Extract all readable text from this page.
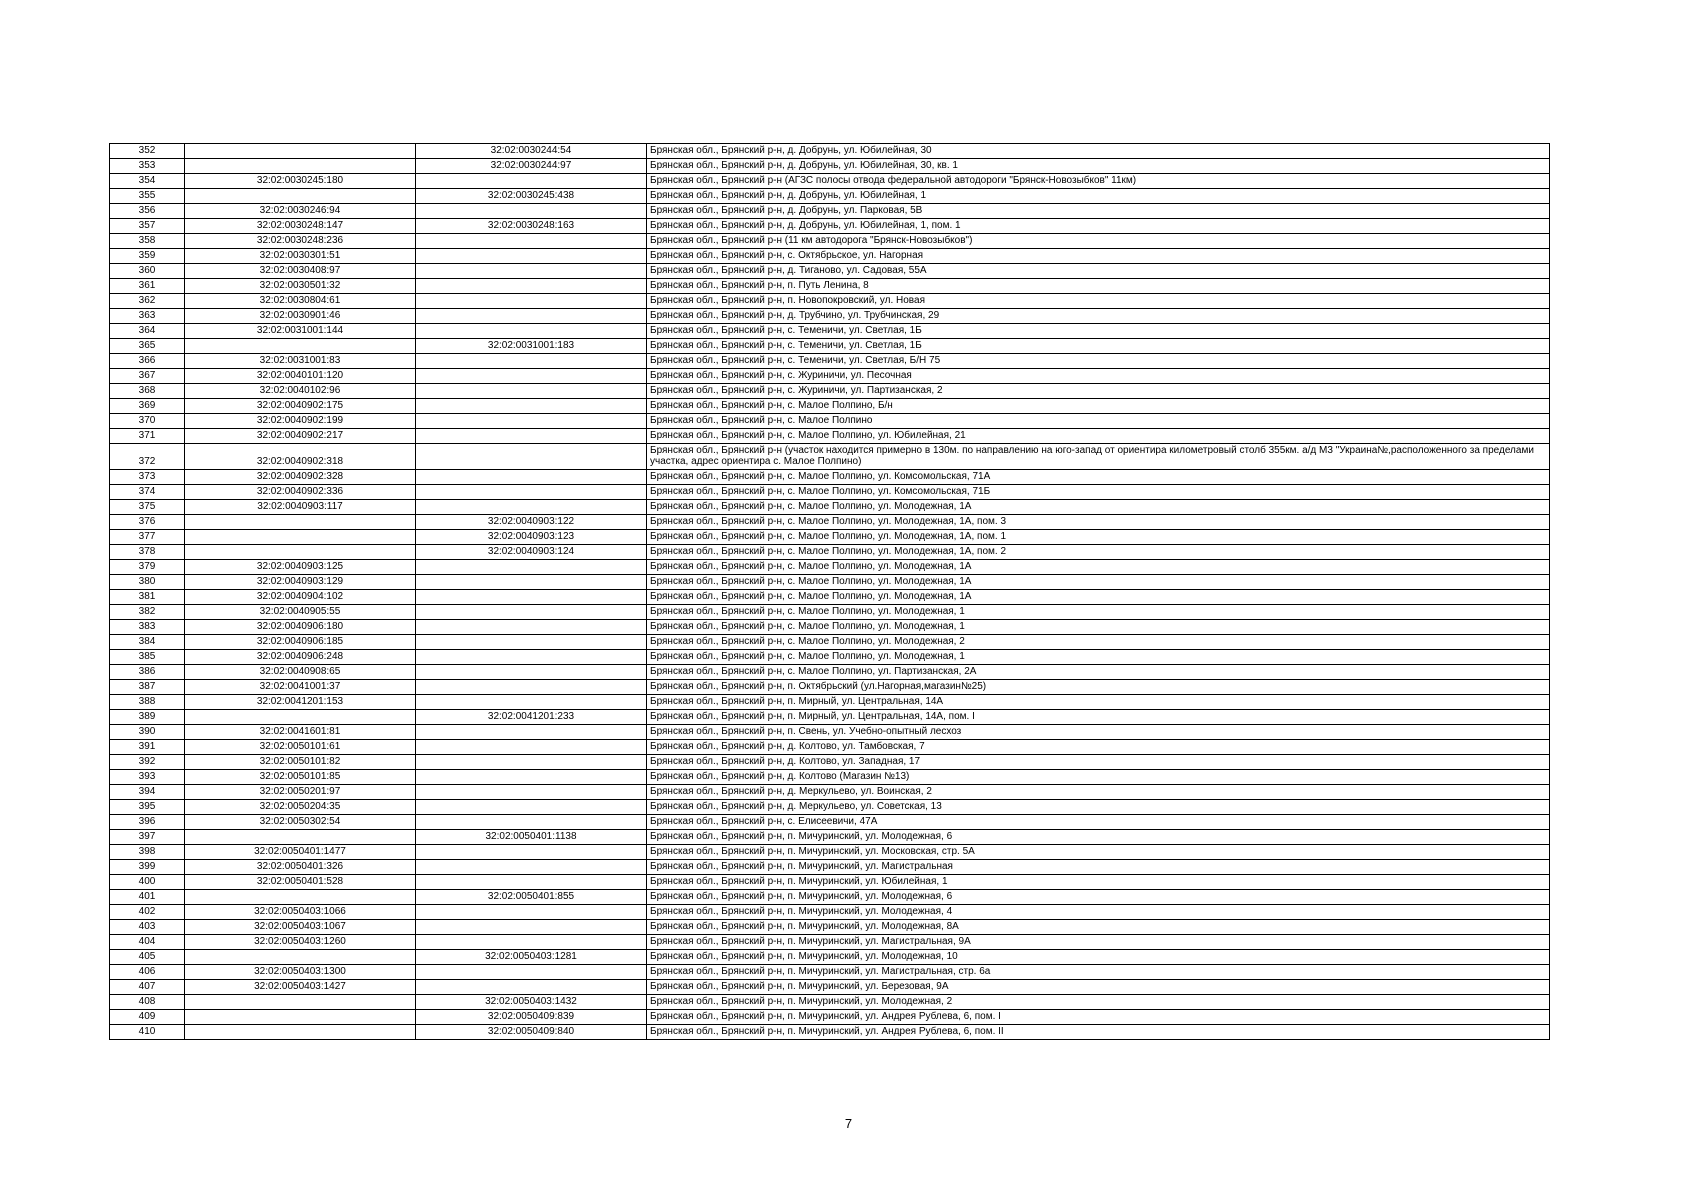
352		32:02:0030244:54	Брянская обл., Брянский р-н, д. Добрунь, ул. Юбилейная, 30
353		32:02:0030244:97	Брянская обл., Брянский р-н, д. Добрунь, ул. Юбилейная, 30, кв. 1
354	32:02:0030245:180		Брянская обл., Брянский р-н (АГЗС полосы отвода федеральной автодороги "Брянск-Новозыбков" 11км)
355		32:02:0030245:438	Брянская обл., Брянский р-н, д. Добрунь, ул. Юбилейная, 1
356	32:02:0030246:94		Брянская обл., Брянский р-н, д. Добрунь, ул. Парковая, 5В
357	32:02:0030248:147	32:02:0030248:163	Брянская обл., Брянский р-н, д. Добрунь, ул. Юбилейная, 1, пом. 1
358	32:02:0030248:236		Брянская обл., Брянский р-н (11 км автодорога "Брянск-Новозыбков")
359	32:02:0030301:51		Брянская обл., Брянский р-н, с. Октябрьское, ул. Нагорная
360	32:02:0030408:97		Брянская обл., Брянский р-н, д. Тиганово, ул. Садовая, 55А
361	32:02:0030501:32		Брянская обл., Брянский р-н, п. Путь Ленина, 8
362	32:02:0030804:61		Брянская обл., Брянский р-н, п. Новопокровский, ул. Новая
363	32:02:0030901:46		Брянская обл., Брянский р-н, д. Трубчино, ул. Трубчинская, 29
364	32:02:0031001:144		Брянская обл., Брянский р-н, с. Теменичи, ул. Светлая, 1Б
365		32:02:0031001:183	Брянская обл., Брянский р-н, с. Теменичи, ул. Светлая, 1Б
366	32:02:0031001:83		Брянская обл., Брянский р-н, с. Теменичи, ул. Светлая, Б/Н 75
367	32:02:0040101:120		Брянская обл., Брянский р-н, с. Журиничи, ул. Песочная
368	32:02:0040102:96		Брянская обл., Брянский р-н, с. Журиничи, ул. Партизанская, 2
369	32:02:0040902:175		Брянская обл., Брянский р-н, с. Малое Полпино, Б/н
370	32:02:0040902:199		Брянская обл., Брянский р-н, с. Малое Полпино
371	32:02:0040902:217		Брянская обл., Брянский р-н, с. Малое Полпино, ул. Юбилейная, 21
372	32:02:0040902:318		Брянская обл., Брянский р-н (участок находится примерно в 130м. по направлению на юго-запад от ориентира километровый столб 355км. а/д М3 "Украина№,расположенного за пределами участка, адрес ориентира с. Малое Полпино)
373	32:02:0040902:328		Брянская обл., Брянский р-н, с. Малое Полпино, ул. Комсомольская, 71А
374	32:02:0040902:336		Брянская обл., Брянский р-н, с. Малое Полпино, ул. Комсомольская, 71Б
375	32:02:0040903:117		Брянская обл., Брянский р-н, с. Малое Полпино, ул. Молодежная, 1А
376		32:02:0040903:122	Брянская обл., Брянский р-н, с. Малое Полпино, ул. Молодежная, 1А, пом. 3
377		32:02:0040903:123	Брянская обл., Брянский р-н, с. Малое Полпино, ул. Молодежная, 1А, пом. 1
378		32:02:0040903:124	Брянская обл., Брянский р-н, с. Малое Полпино, ул. Молодежная, 1А, пом. 2
379	32:02:0040903:125		Брянская обл., Брянский р-н, с. Малое Полпино, ул. Молодежная, 1А
380	32:02:0040903:129		Брянская обл., Брянский р-н, с. Малое Полпино, ул. Молодежная, 1А
381	32:02:0040904:102		Брянская обл., Брянский р-н, с. Малое Полпино, ул. Молодежная, 1А
382	32:02:0040905:55		Брянская обл., Брянский р-н, с. Малое Полпино, ул. Молодежная, 1
383	32:02:0040906:180		Брянская обл., Брянский р-н, с. Малое Полпино, ул. Молодежная, 1
384	32:02:0040906:185		Брянская обл., Брянский р-н, с. Малое Полпино, ул. Молодежная, 2
385	32:02:0040906:248		Брянская обл., Брянский р-н, с. Малое Полпино, ул. Молодежная, 1
386	32:02:0040908:65		Брянская обл., Брянский р-н, с. Малое Полпино, ул. Партизанская, 2А
387	32:02:0041001:37		Брянская обл., Брянский р-н, п. Октябрьский (ул.Нагорная,магазин№25)
388	32:02:0041201:153		Брянская обл., Брянский р-н, п. Мирный, ул. Центральная, 14А
389		32:02:0041201:233	Брянская обл., Брянский р-н, п. Мирный, ул. Центральная, 14А, пом. I
390	32:02:0041601:81		Брянская обл., Брянский р-н, п. Свень, ул. Учебно-опытный лесхоз
391	32:02:0050101:61		Брянская обл., Брянский р-н, д. Колтово, ул. Тамбовская, 7
392	32:02:0050101:82		Брянская обл., Брянский р-н, д. Колтово, ул. Западная, 17
393	32:02:0050101:85		Брянская обл., Брянский р-н, д. Колтово (Магазин №13)
394	32:02:0050201:97		Брянская обл., Брянский р-н, д. Меркульево, ул. Воинская, 2
395	32:02:0050204:35		Брянская обл., Брянский р-н, д. Меркульево, ул. Советская, 13
396	32:02:0050302:54		Брянская обл., Брянский р-н, с. Елисеевичи, 47А
397		32:02:0050401:1138	Брянская обл., Брянский р-н, п. Мичуринский, ул. Молодежная, 6
398	32:02:0050401:1477		Брянская обл., Брянский р-н, п. Мичуринский, ул. Московская, стр. 5А
399	32:02:0050401:326		Брянская обл., Брянский р-н, п. Мичуринский, ул. Магистральная
400	32:02:0050401:528		Брянская обл., Брянский р-н, п. Мичуринский, ул. Юбилейная, 1
401		32:02:0050401:855	Брянская обл., Брянский р-н, п. Мичуринский, ул. Молодежная, 6
402	32:02:0050403:1066		Брянская обл., Брянский р-н, п. Мичуринский, ул. Молодежная, 4
403	32:02:0050403:1067		Брянская обл., Брянский р-н, п. Мичуринский, ул. Молодежная, 8А
404	32:02:0050403:1260		Брянская обл., Брянский р-н, п. Мичуринский, ул. Магистральная, 9А
405		32:02:0050403:1281	Брянская обл., Брянский р-н, п. Мичуринский, ул. Молодежная, 10
406	32:02:0050403:1300		Брянская обл., Брянский р-н, п. Мичуринский, ул. Магистральная, стр. 6а
407	32:02:0050403:1427		Брянская обл., Брянский р-н, п. Мичуринский, ул. Березовая, 9А
408		32:02:0050403:1432	Брянская обл., Брянский р-н, п. Мичуринский, ул. Молодежная, 2
409		32:02:0050409:839	Брянская обл., Брянский р-н, п. Мичуринский, ул. Андрея Рублева, 6, пом. I
410		32:02:0050409:840	Брянская обл., Брянский р-н, п. Мичуринский, ул. Андрея Рублева, 6, пом. II
7
